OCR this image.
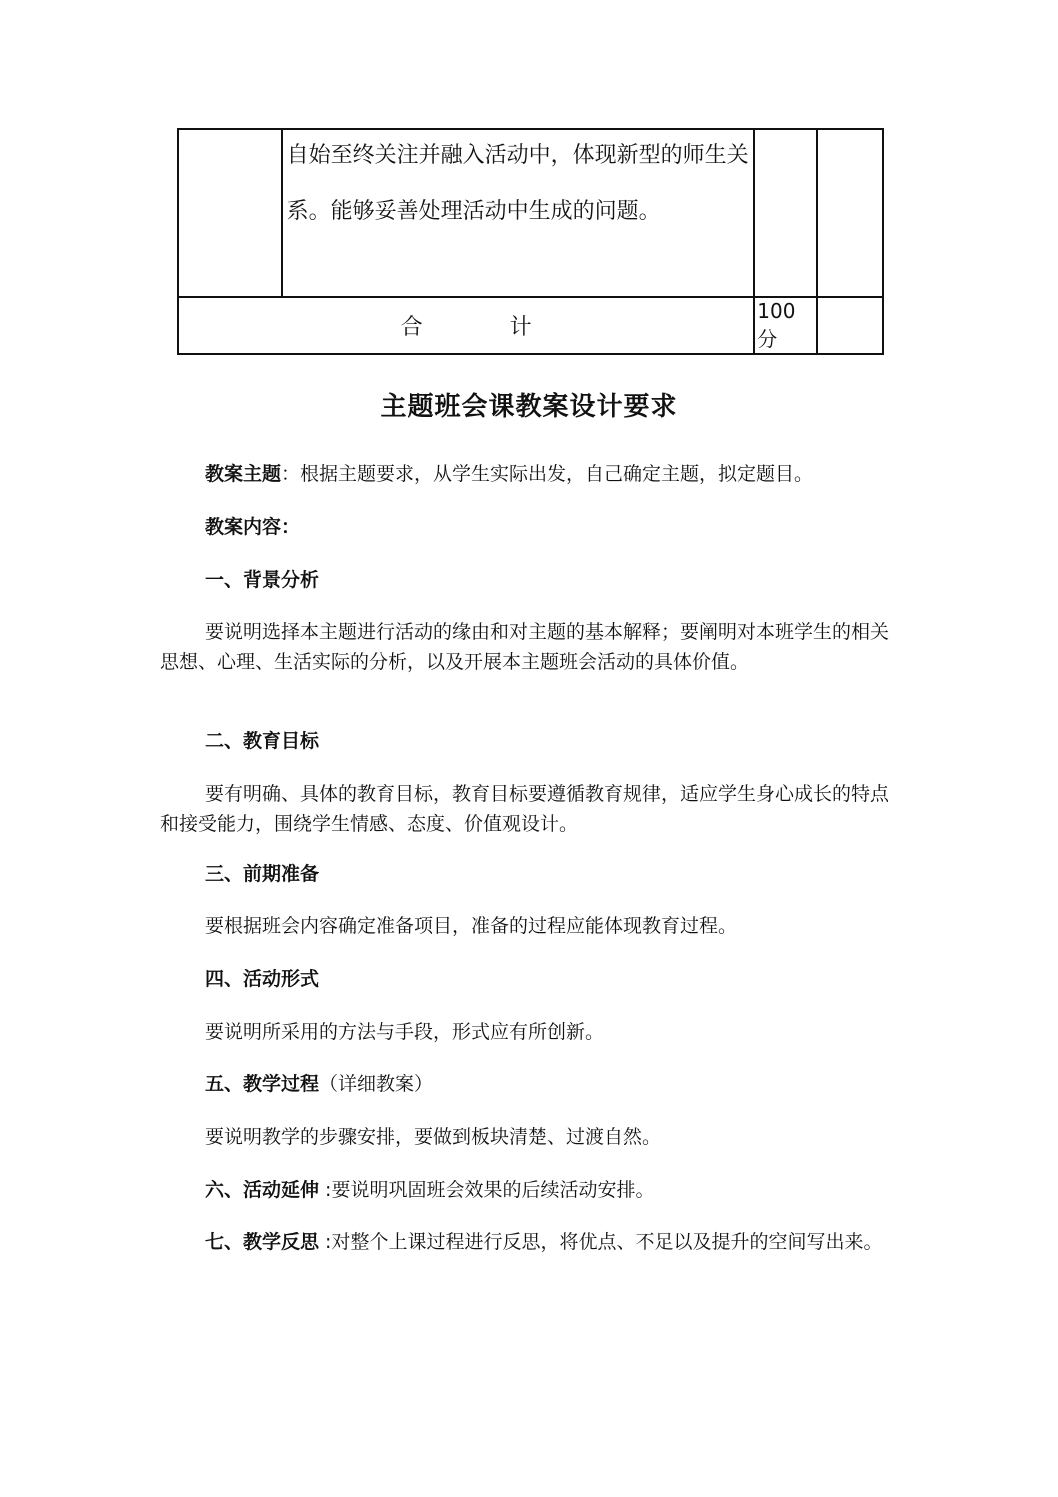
	自始至终关注并融入活动中，体现新型的师生关系。能够妥善处理活动中生成的问题。		

合 计		100 分	
主题班会课教案设计要求

教案主题：根据主题要求，从学生实际出发，自己确定主题，拟定题目。

教案内容：

一、背景分析

要说明选择本主题进行活动的缘由和对主题的基本解释；要阐明对本班学生的相关思想、心理、生活实际的分析，以及开展本主题班会活动的具体价值。

二、教育目标

要有明确、具体的教育目标，教育目标要遵循教育规律，适应学生身心成长的特点和接受能力，围绕学生情感、态度、价值观设计。

三、前期准备

要根据班会内容确定准备项目，准备的过程应能体现教育过程。

四、活动形式

要说明所采用的方法与手段，形式应有所创新。

五、教学过程（详细教案）

要说明教学的步骤安排，要做到板块清楚、过渡自然。

六、活动延伸 :要说明巩固班会效果的后续活动安排。

七、教学反思 :对整个上课过程进行反思，将优点、不足以及提升的空间写出来。
